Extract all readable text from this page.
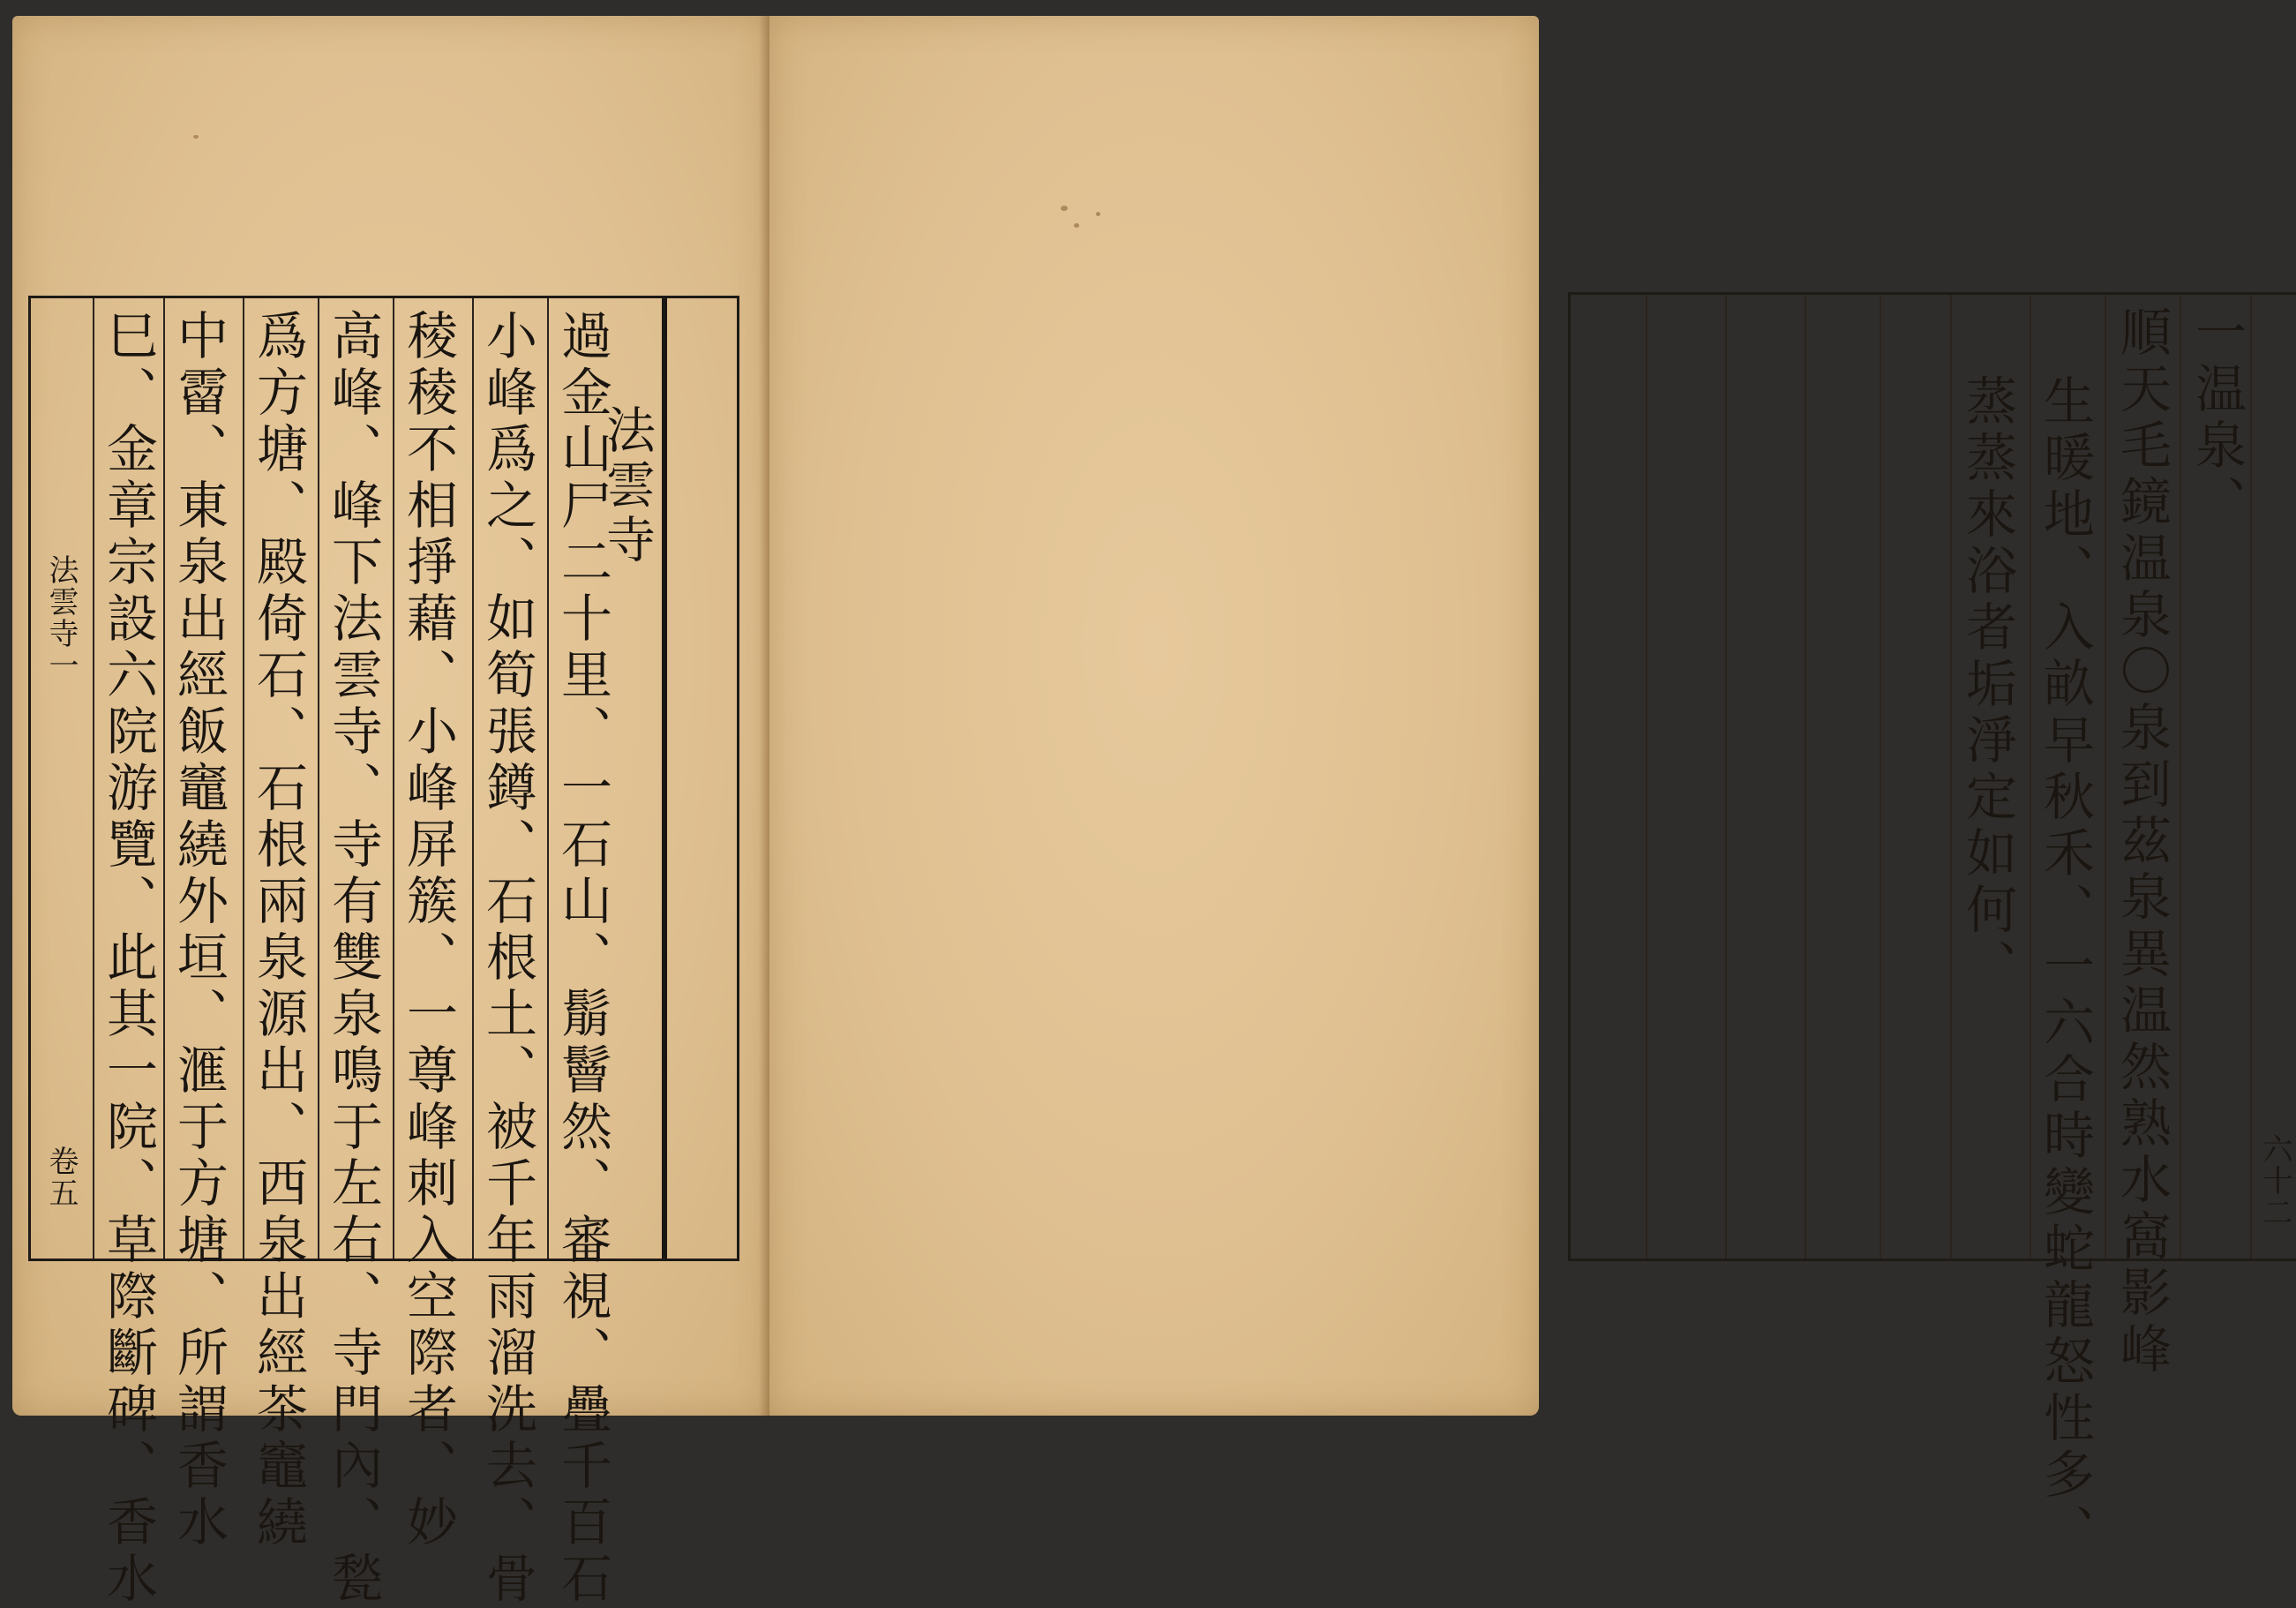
過金山尸二十里、一石山、鬅鬙然、審視、疊千百石
小峰爲之、如筍張鐏、石根土、被千年雨溜洗去、骨
稜稜不相掙藉、小峰屏簇、一尊峰刺入空際者、妙
高峰、峰下法雲寺、寺有雙泉鳴于左右、寺門內、甃
爲方塘、殿倚石、石根兩泉源出、西泉出經茶竈繞
中霤、東泉出經飯竈繞外垣、滙于方塘、所謂香水
巳、金章宗設六院游覽、此其一院、草際斷碑、香水	法雲寺
法雲寺一
卷五
一温泉、
順天毛鏡温泉〇泉到茲泉異温然熟水窩影峰
生暖地、入畝早秋禾、一六合時變蛇龍怒性多、
蒸蒸來浴者垢淨定如何、
六十二
